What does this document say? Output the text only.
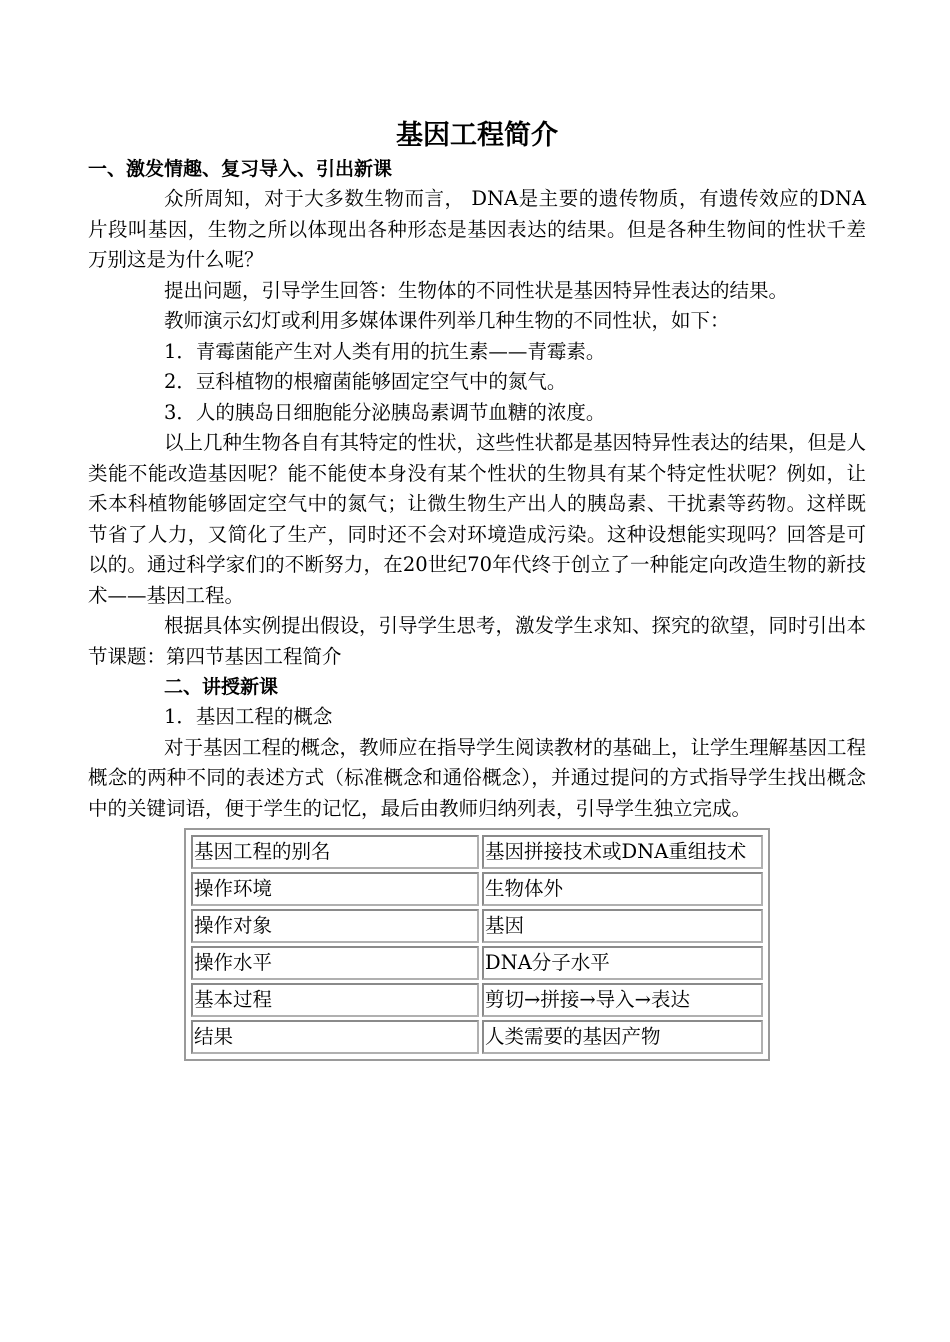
基因工程简介

一、激发情趣、复习导入、引出新课

众所周知，对于大多数生物而言， DNA是主要的遗传物质，有遗传效应的DNA片段叫基因，生物之所以体现出各种形态是基因表达的结果。但是各种生物间的性状千差万别这是为什么呢？

提出问题，引导学生回答：生物体的不同性状是基因特异性表达的结果。

教师演示幻灯或利用多媒体课件列举几种生物的不同性状，如下：

1．青霉菌能产生对人类有用的抗生素——青霉素。

2．豆科植物的根瘤菌能够固定空气中的氮气。

3．人的胰岛日细胞能分泌胰岛素调节血糖的浓度。

以上几种生物各自有其特定的性状，这些性状都是基因特异性表达的结果，但是人类能不能改造基因呢？能不能使本身没有某个性状的生物具有某个特定性状呢？例如，让禾本科植物能够固定空气中的氮气；让微生物生产出人的胰岛素、干扰素等药物。这样既节省了人力，又简化了生产，同时还不会对环境造成污染。这种设想能实现吗？回答是可以的。通过科学家们的不断努力，在20世纪70年代终于创立了一种能定向改造生物的新技术——基因工程。

根据具体实例提出假设，引导学生思考，激发学生求知、探究的欲望，同时引出本节课题：第四节基因工程简介

二、讲授新课

1．基因工程的概念

对于基因工程的概念，教师应在指导学生阅读教材的基础上，让学生理解基因工程概念的两种不同的表述方式（标准概念和通俗概念），并通过提问的方式指导学生找出概念中的关键词语，便于学生的记忆，最后由教师归纳列表，引导学生独立完成。

基因工程的别名	基因拼接技术或DNA重组技术
操作环境	生物体外
操作对象	基因
操作水平	DNA分子水平
基本过程	剪切→拼接→导入→表达
结果	人类需要的基因产物
